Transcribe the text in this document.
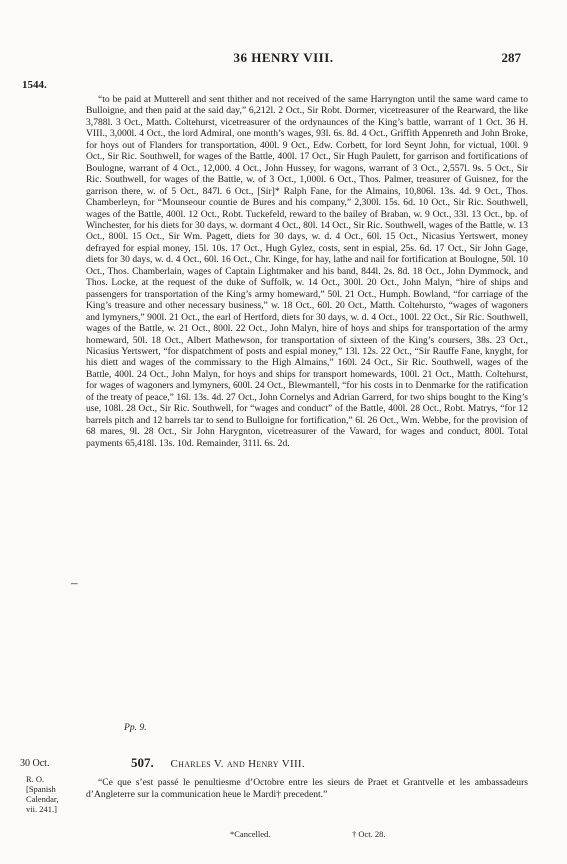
36 HENRY VIII.	287
1544.
–

“to be paid at Mutterell and sent thither and not received of the same Harryngton until the same ward came to Bulloigne, and then paid at the said day,” 6,212l. 2 Oct., Sir Robt. Dormer, vicetreasurer of the Rearward, the like 3,788l. 3 Oct., Matth. Coltehurst, vicetreasurer of the ordynaunces of the King’s battle, warrant of 1 Oct. 36 H. VIII., 3,000l. 4 Oct., the lord Admiral, one month’s wages, 93l. 6s. 8d. 4 Oct., Griffith Appenreth and John Broke, for hoys out of Flanders for transportation, 400l. 9 Oct., Edw. Corbett, for lord Seynt John, for victual, 100l. 9 Oct., Sir Ric. Southwell, for wages of the Battle, 400l. 17 Oct., Sir Hugh Paulett, for garrison and fortifications of Boulogne, warrant of 4 Oct., 12,000. 4 Oct., John Hussey, for wagons, warrant of 3 Oct., 2,557l. 9s. 5 Oct., Sir Ric. Southwell, for wages of the Battle, w. of 3 Oct., 1,000l. 6 Oct., Thos. Palmer, treasurer of Guisnez, for the garrison there, w. of 5 Oct., 847l. 6 Oct., [Sir]* Ralph Fane, for the Almains, 10,806l. 13s. 4d. 9 Oct., Thos. Chamberleyn, for “Mounseour countie de Bures and his company,” 2,300l. 15s. 6d. 10 Oct., Sir Ric. Southwell, wages of the Battle, 400l. 12 Oct., Robt. Tuckefeld, reward to the bailey of Braban, w. 9 Oct., 33l. 13 Oct., bp. of Winchester, for his diets for 30 days, w. dormant 4 Oct., 80l. 14 Oct., Sir Ric. Southwell, wages of the Battle, w. 13 Oct., 800l. 15 Oct., Sir Wm. Pagett, diets for 30 days, w. d. 4 Oct., 60l. 15 Oct., Nicasius Yertswert, money defrayed for espial money, 15l. 10s. 17 Oct., Hugh Gylez, costs, sent in espial, 25s. 6d. 17 Oct., Sir John Gage, diets for 30 days, w. d. 4 Oct., 60l. 16 Oct., Chr. Kinge, for hay, lathe and nail for fortification at Boulogne, 50l. 10 Oct., Thos. Chamberlain, wages of Captain Lightmaker and his band, 844l. 2s. 8d. 18 Oct., John Dymmock, and Thos. Locke, at the request of the duke of Suffolk, w. 14 Oct., 300l. 20 Oct., John Malyn, “hire of ships and passengers for transportation of the King’s army homeward,” 50l. 21 Oct., Humph. Bowland, “for carriage of the King’s treasure and other necessary business,” w. 18 Oct., 60l. 20 Oct., Matth. Coltehursto, “wages of wagoners and lymyners,” 900l. 21 Oct., the earl of Hertford, diets for 30 days, w. d. 4 Oct., 100l. 22 Oct., Sir Ric. Southwell, wages of the Battle, w. 21 Oct., 800l. 22 Oct., John Malyn, hire of hoys and ships for transportation of the army homeward, 50l. 18 Oct., Albert Mathewson, for transportation of sixteen of the King’s coursers, 38s. 23 Oct., Nicasius Yertswert, “for dispatchment of posts and espial money,” 13l. 12s. 22 Oct., “Sir Rauffe Fane, knyght, for his diett and wages of the commissary to the High Almains,” 160l. 24 Oct., Sir Ric. Southwell, wages of the Battle, 400l. 24 Oct., John Malyn, for hoys and ships for transport homewards, 100l. 21 Oct., Matth. Coltehurst, for wages of wagoners and lymyners, 600l. 24 Oct., Blewmantell, “for his costs in to Denmarke for the ratification of the treaty of peace,” 16l. 13s. 4d. 27 Oct., John Cornelys and Adrian Garrerd, for two ships bought to the King’s use, 108l. 28 Oct., Sir Ric. Southwell, for “wages and conduct” of the Battle, 400l. 28 Oct., Robt. Matrys, “for 12 barrels pitch and 12 barrels tar to send to Bulloigne for fortification,” 6l. 26 Oct., Wm. Webbe, for the provision of 68 mares, 9l. 28 Oct., Sir John Harygnton, vicetreasurer of the Vaward, for wages and conduct, 800l. Total payments 65,418l. 13s. 10d. Remainder, 311l. 6s. 2d.

Pp. 9.
30 Oct.
R. O.
[Spanish
Calendar,
vii. 241.]
507. Charles V. and Henry VIII.
“Ce que s’est passé le penultiesme d’Octobre entre les sieurs de Praet et Grantvelle et les ambassadeurs d’Angleterre sur la communication heue le Mardi† precedent.”
*Cancelled.	† Oct. 28.
